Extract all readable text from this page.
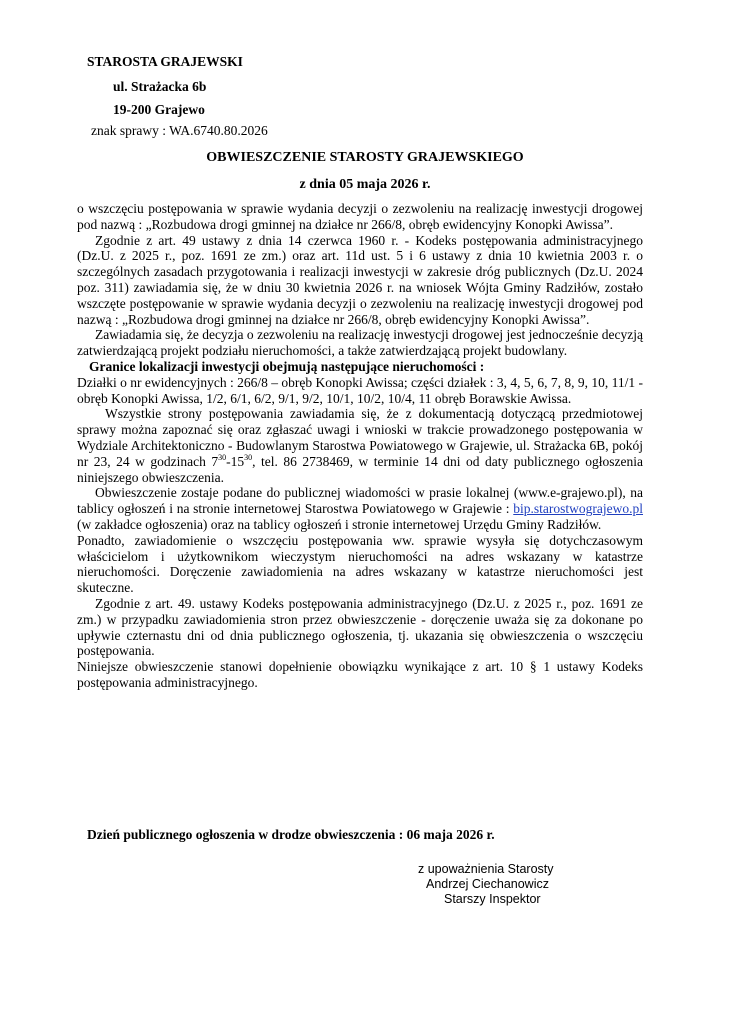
STAROSTA GRAJEWSKI
ul. Strażacka 6b
19-200 Grajewo
znak sprawy : WA.6740.80.2026
OBWIESZCZENIE STAROSTY GRAJEWSKIEGO
z dnia 05 maja 2026 r.

o wszczęciu postępowania w sprawie wydania decyzji o zezwoleniu na realizację inwestycji drogowej pod nazwą : „Rozbudowa drogi gminnej na działce nr 266/8, obręb ewidencyjny Konopki Awissa”.

Zgodnie z art. 49 ustawy z dnia 14 czerwca 1960 r. - Kodeks postępowania administracyjnego (Dz.U. z 2025 r., poz. 1691 ze zm.) oraz art. 11d ust. 5 i 6 ustawy z dnia 10 kwietnia 2003 r. o szczególnych zasadach przygotowania i realizacji inwestycji w zakresie dróg publicznych (Dz.U. 2024 poz. 311) zawiadamia się, że w dniu 30 kwietnia 2026 r. na wniosek Wójta Gminy Radziłów, zostało wszczęte postępowanie w sprawie wydania decyzji o zezwoleniu na realizację inwestycji drogowej pod nazwą : „Rozbudowa drogi gminnej na działce nr 266/8, obręb ewidencyjny Konopki Awissa”.

Zawiadamia się, że decyzja o zezwoleniu na realizację inwestycji drogowej jest jednocześnie decyzją zatwierdzającą projekt podziału nieruchomości, a także zatwierdzającą projekt budowlany.

Granice lokalizacji inwestycji obejmują następujące nieruchomości :

Działki o nr ewidencyjnych : 266/8 – obręb Konopki Awissa; części działek : 3, 4, 5, 6, 7, 8, 9, 10, 11/1 - obręb Konopki Awissa, 1/2, 6/1, 6/2, 9/1, 9/2, 10/1, 10/2, 10/4, 11 obręb Borawskie Awissa.

Wszystkie strony postępowania zawiadamia się, że z dokumentacją dotyczącą przedmiotowej sprawy można zapoznać się oraz zgłaszać uwagi i wnioski w trakcie prowadzonego postępowania w Wydziale Architektoniczno - Budowlanym Starostwa Powiatowego w Grajewie, ul. Strażacka 6B, pokój nr 23, 24 w godzinach $7^{30}-15^{30}$, tel. 86 2738469, w terminie 14 dni od daty publicznego ogłoszenia niniejszego obwieszczenia.

Obwieszczenie zostaje podane do publicznej wiadomości w prasie lokalnej (www.e-grajewo.pl), na tablicy ogłoszeń i na stronie internetowej Starostwa Powiatowego w Grajewie : bip.starostwograjewo.pl (w zakładce ogłoszenia) oraz na tablicy ogłoszeń i stronie internetowej Urzędu Gminy Radziłów.

Ponadto, zawiadomienie o wszczęciu postępowania ww. sprawie wysyła się dotychczasowym właścicielom i użytkownikom wieczystym nieruchomości na adres wskazany w katastrze nieruchomości. Doręczenie zawiadomienia na adres wskazany w katastrze nieruchomości jest skuteczne.

Zgodnie z art. 49. ustawy Kodeks postępowania administracyjnego (Dz.U. z 2025 r., poz. 1691 ze zm.) w przypadku zawiadomienia stron przez obwieszczenie - doręczenie uważa się za dokonane po upływie czternastu dni od dnia publicznego ogłoszenia, tj. ukazania się obwieszczenia o wszczęciu postępowania.

Niniejsze obwieszczenie stanowi dopełnienie obowiązku wynikające z art. 10 § 1 ustawy Kodeks postępowania administracyjnego.

Dzień publicznego ogłoszenia w drodze obwieszczenia : 06 maja 2026 r.
z upoważnienia Starosty
Andrzej Ciechanowicz
Starszy Inspektor
